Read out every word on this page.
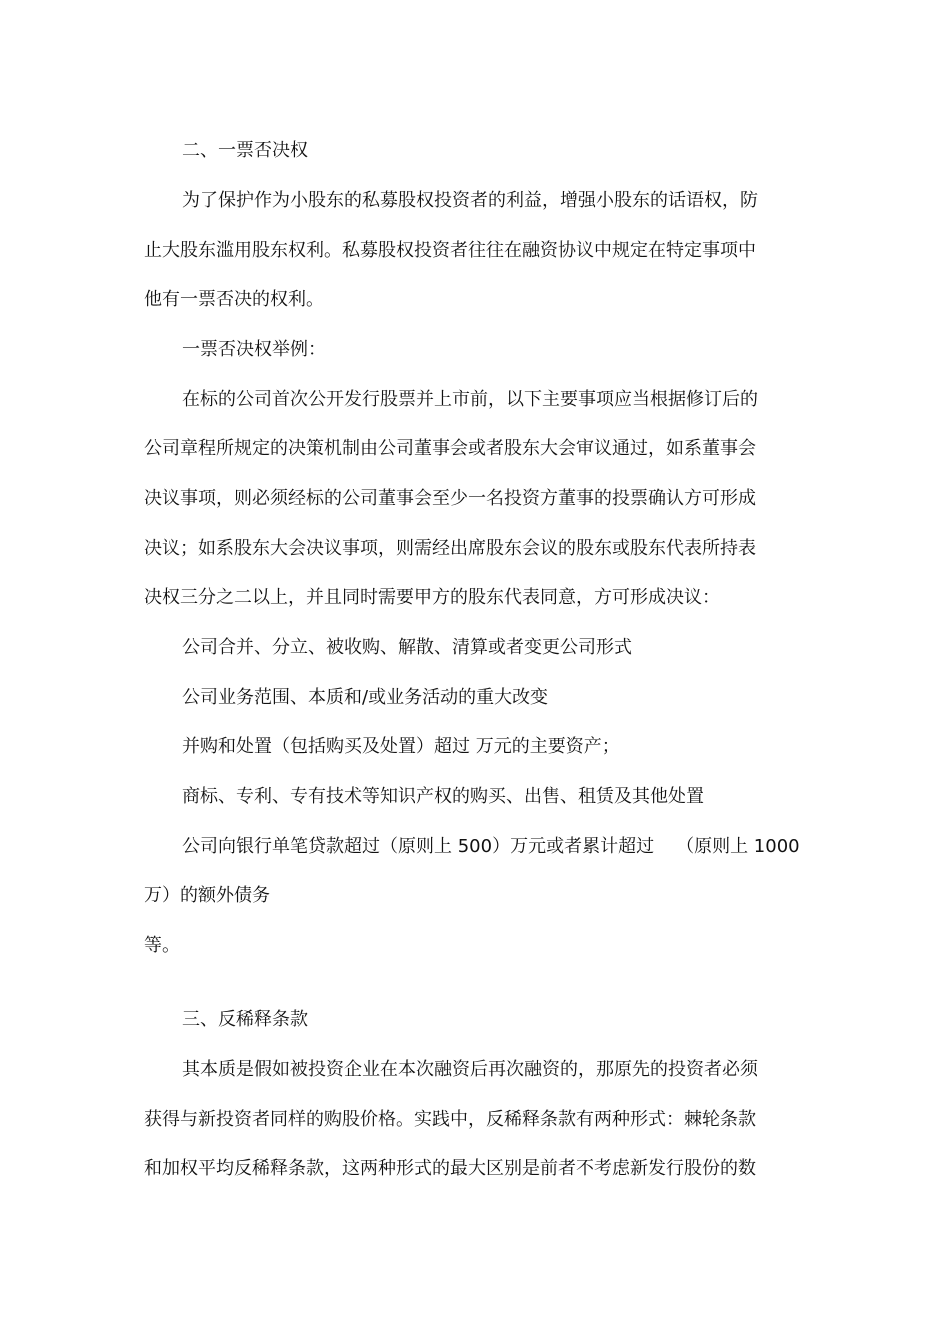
二、一票否决权
为了保护作为小股东的私募股权投资者的利益，增强小股东的话语权，防
止大股东滥用股东权利。私募股权投资者往往在融资协议中规定在特定事项中
他有一票否决的权利。
一票否决权举例：
在标的公司首次公开发行股票并上市前，以下主要事项应当根据修订后的
公司章程所规定的决策机制由公司董事会或者股东大会审议通过，如系董事会
决议事项，则必须经标的公司董事会至少一名投资方董事的投票确认方可形成
决议；如系股东大会决议事项，则需经出席股东会议的股东或股东代表所持表
决权三分之二以上，并且同时需要甲方的股东代表同意，方可形成决议：
公司合并、分立、被收购、解散、清算或者变更公司形式
公司业务范围、本质和/或业务活动的重大改变
并购和处置（包括购买及处置）超过 万元的主要资产；
商标、专利、专有技术等知识产权的购买、出售、租赁及其他处置
公司向银行单笔贷款超过（原则上 500）万元或者累计超过 （原则上 1000
万）的额外债务
等。
三、反稀释条款
其本质是假如被投资企业在本次融资后再次融资的，那原先的投资者必须
获得与新投资者同样的购股价格。实践中，反稀释条款有两种形式：棘轮条款
和加权平均反稀释条款，这两种形式的最大区别是前者不考虑新发行股份的数
